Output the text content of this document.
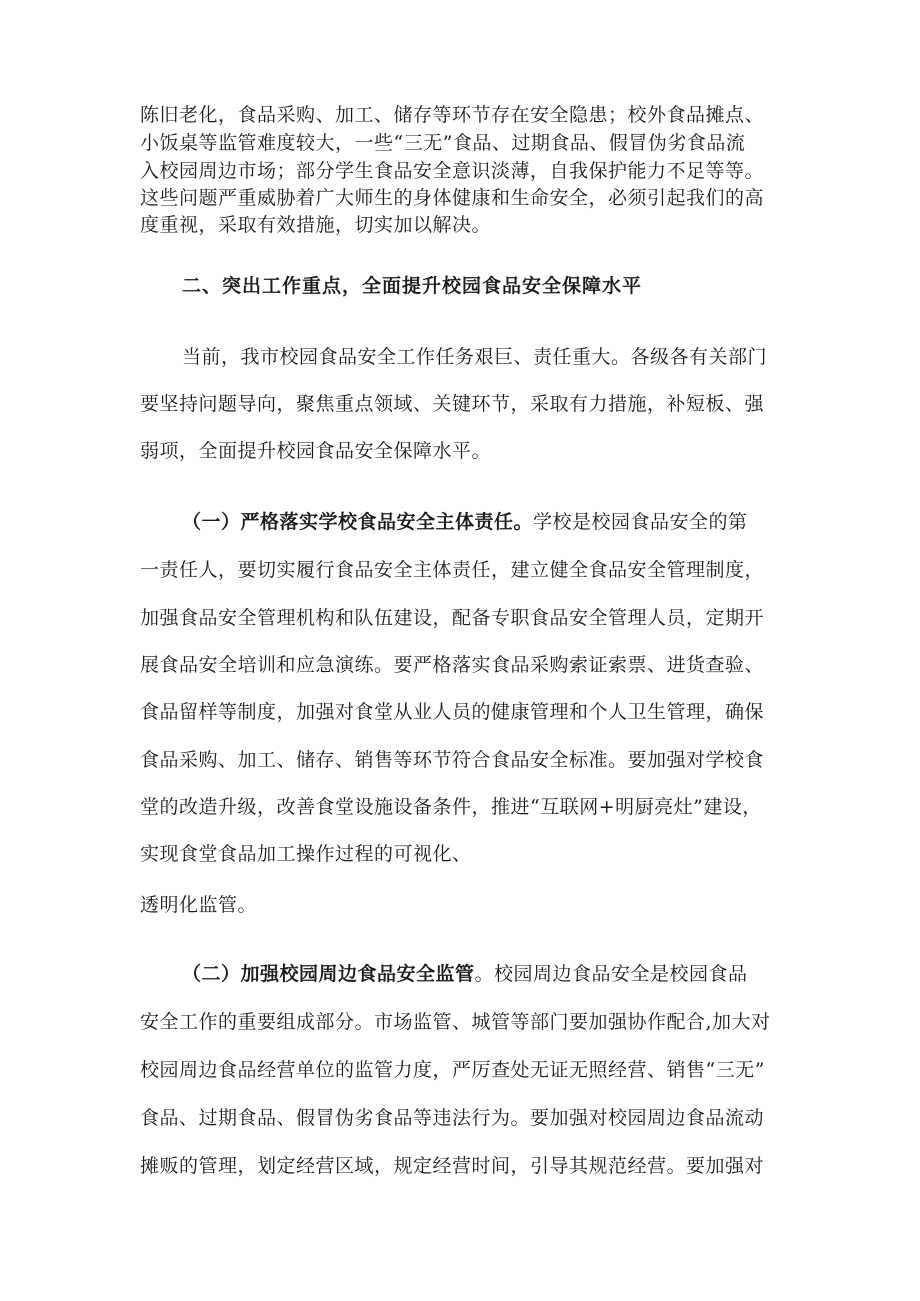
陈旧老化，食品采购、加工、储存等环节存在安全隐患；校外食品摊点、
小饭桌等监管难度较大，一些“三无”食品、过期食品、假冒伪劣食品流
入校园周边市场；部分学生食品安全意识淡薄，自我保护能力不足等等。
这些问题严重威胁着广大师生的身体健康和生命安全，必须引起我们的高
度重视，采取有效措施，切实加以解决。
二、突出工作重点，全面提升校园食品安全保障水平
当前，我市校园食品安全工作任务艰巨、责任重大。各级各有关部门
要坚持问题导向，聚焦重点领域、关键环节，采取有力措施，补短板、强
弱项，全面提升校园食品安全保障水平。
（一）严格落实学校食品安全主体责任。学校是校园食品安全的第
一责任人，要切实履行食品安全主体责任，建立健全食品安全管理制度，
加强食品安全管理机构和队伍建设，配备专职食品安全管理人员，定期开
展食品安全培训和应急演练。要严格落实食品采购索证索票、进货查验、
食品留样等制度，加强对食堂从业人员的健康管理和个人卫生管理，确保
食品采购、加工、储存、销售等环节符合食品安全标准。要加强对学校食
堂的改造升级，改善食堂设施设备条件，推进“互联网+明厨亮灶”建设，
实现食堂食品加工操作过程的可视化、
透明化监管。
（二）加强校园周边食品安全监管。校园周边食品安全是校园食品
安全工作的重要组成部分。市场监管、城管等部门要加强协作配合,加大对
校园周边食品经营单位的监管力度，严厉查处无证无照经营、销售“三无”
食品、过期食品、假冒伪劣食品等违法行为。要加强对校园周边食品流动
摊贩的管理，划定经营区域，规定经营时间，引导其规范经营。要加强对
